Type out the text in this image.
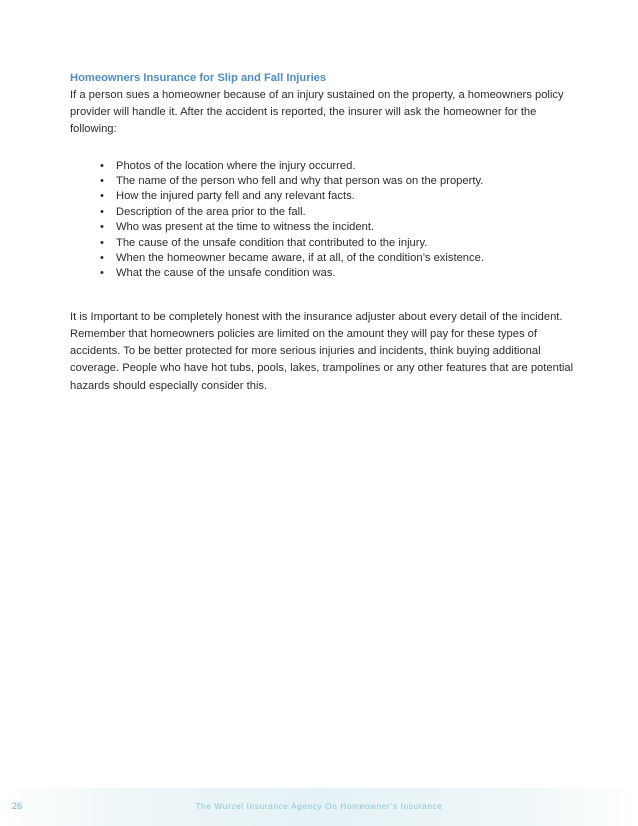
Homeowners Insurance for Slip and Fall Injuries

If a person sues a homeowner because of an injury sustained on the property, a homeowners policy provider will handle it. After the accident is reported, the insurer will ask the homeowner for the following:

• Photos of the location where the injury occurred.
• The name of the person who fell and why that person was on the property.
• How the injured party fell and any relevant facts.
• Description of the area prior to the fall.
• Who was present at the time to witness the incident.
• The cause of the unsafe condition that contributed to the injury.
• When the homeowner became aware, if at all, of the condition’s existence.
• What the cause of the unsafe condition was.

It is Important to be completely honest with the insurance adjuster about every detail of the incident. Remember that homeowners policies are limited on the amount they will pay for these types of accidents. To be better protected for more serious injuries and incidents, think buying additional coverage. People who have hot tubs, pools, lakes, trampolines or any other features that are potential hazards should especially consider this.

26	The Wurzel Insurance Agency On Homeowner’s Insurance
